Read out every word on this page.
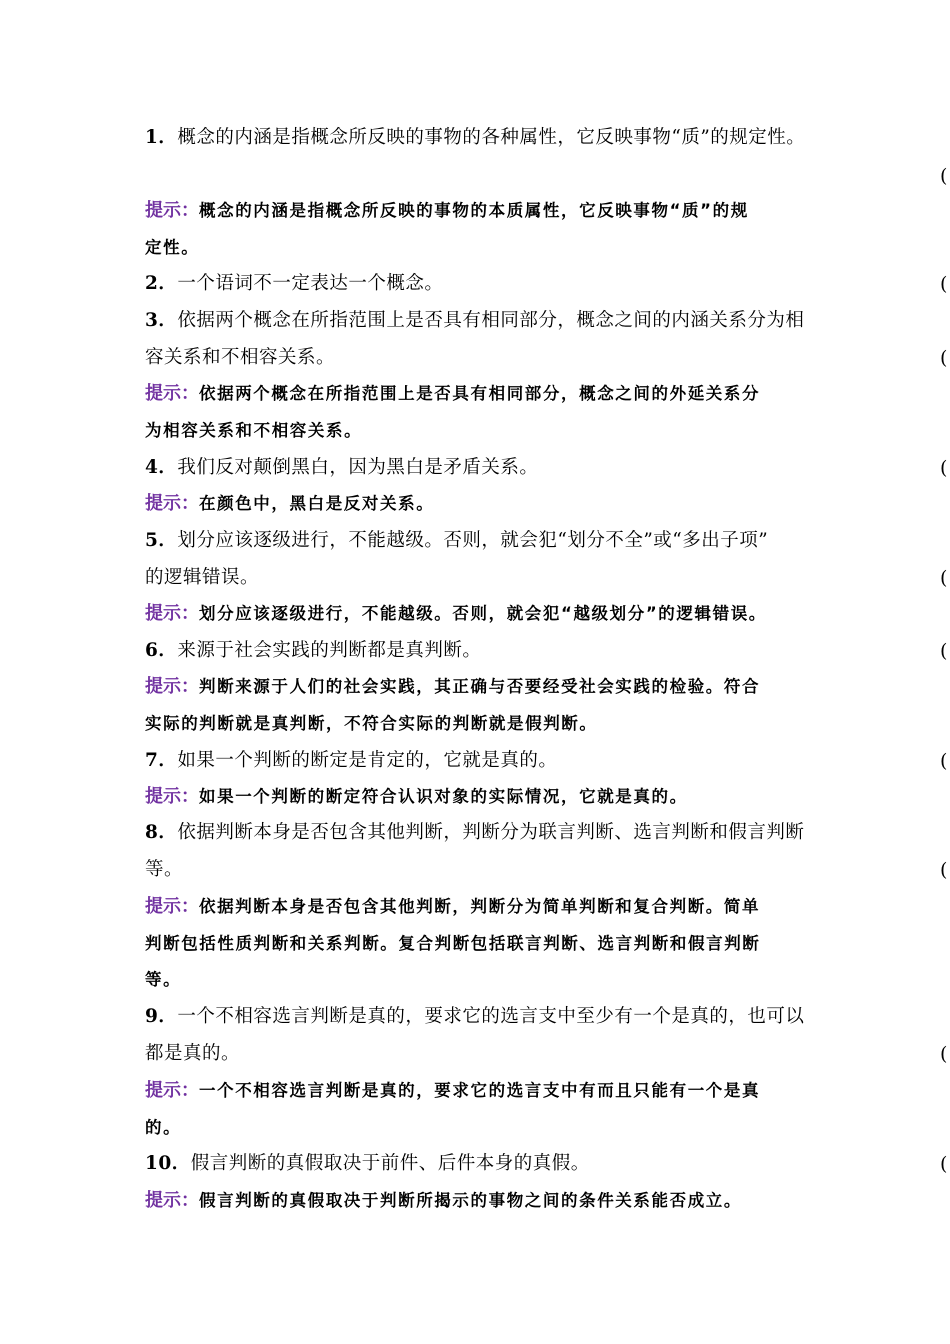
1．概念的内涵是指概念所反映的事物的各种属性，它反映事物“质”的规定性。
(
提示：概念的内涵是指概念所反映的事物的本质属性，它反映事物“质”的规
定性。
2．一个语词不一定表达一个概念。	(
3．依据两个概念在所指范围上是否具有相同部分，概念之间的内涵关系分为相
容关系和不相容关系。	(
提示：依据两个概念在所指范围上是否具有相同部分，概念之间的外延关系分
为相容关系和不相容关系。
4．我们反对颠倒黑白，因为黑白是矛盾关系。	(
提示：在颜色中，黑白是反对关系。
5．划分应该逐级进行，不能越级。否则，就会犯“划分不全”或“多出子项”
的逻辑错误。	(
提示：划分应该逐级进行，不能越级。否则，就会犯“越级划分”的逻辑错误。
6．来源于社会实践的判断都是真判断。	(
提示：判断来源于人们的社会实践，其正确与否要经受社会实践的检验。符合
实际的判断就是真判断，不符合实际的判断就是假判断。
7．如果一个判断的断定是肯定的，它就是真的。	(
提示：如果一个判断的断定符合认识对象的实际情况，它就是真的。
8．依据判断本身是否包含其他判断，判断分为联言判断、选言判断和假言判断
等。	(
提示：依据判断本身是否包含其他判断，判断分为简单判断和复合判断。简单
判断包括性质判断和关系判断。复合判断包括联言判断、选言判断和假言判断
等。
9．一个不相容选言判断是真的，要求它的选言支中至少有一个是真的，也可以
都是真的。	(
提示：一个不相容选言判断是真的，要求它的选言支中有而且只能有一个是真
的。
10．假言判断的真假取决于前件、后件本身的真假。	(
提示：假言判断的真假取决于判断所揭示的事物之间的条件关系能否成立。
